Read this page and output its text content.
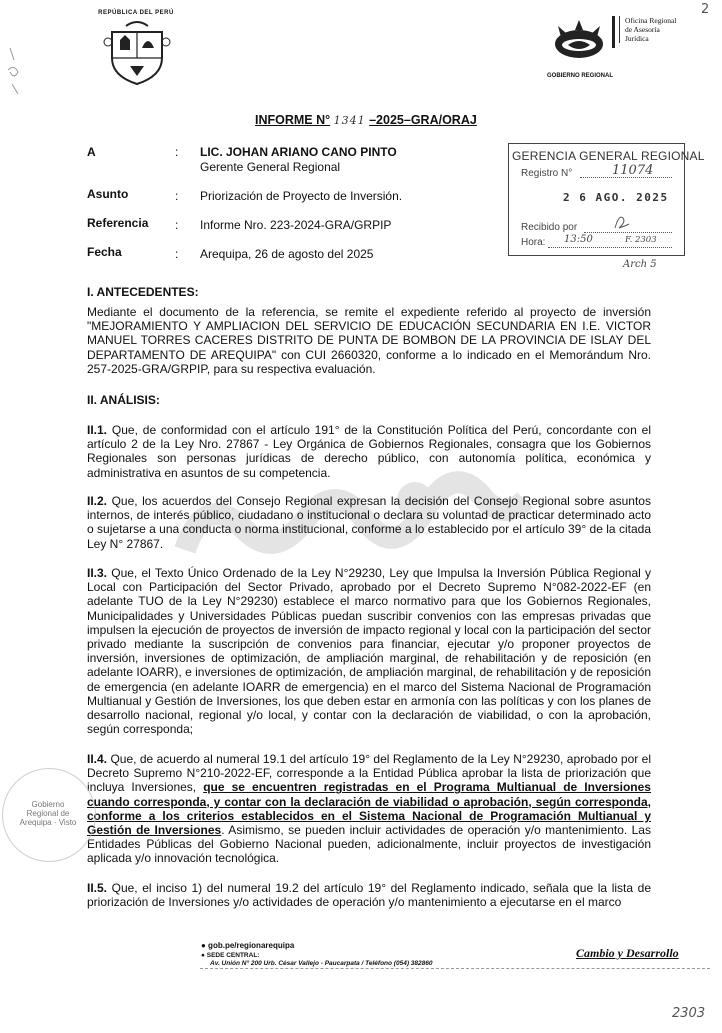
REPÚBLICA DEL PERÚ
GOBIERNO REGIONAL
Oficina Regional
de Asesoría
Jurídica
2
INFORME N° 1341 –2025–GRA/ORAJ
A	: LIC. JOHAN ARIANO CANO PINTO
Gerente General Regional
Asunto	: Priorización de Proyecto de Inversión.
Referencia : Informe Nro. 223-2024-GRA/GRPIP
Fecha	: Arequipa, 26 de agosto del 2025
GERENCIA GENERAL REGIONAL
Registro N°	11074
2 6 AGO. 2025
Recibido por
Hora: 13:50	F. 2303
Arch 5
I. ANTECEDENTES:
Mediante el documento de la referencia, se remite el expediente referido al proyecto de inversión "MEJORAMIENTO Y AMPLIACION DEL SERVICIO DE EDUCACIÓN SECUNDARIA EN I.E. VICTOR MANUEL TORRES CACERES DISTRITO DE PUNTA DE BOMBON DE LA PROVINCIA DE ISLAY DEL DEPARTAMENTO DE AREQUIPA" con CUI 2660320, conforme a lo indicado en el Memorándum Nro. 257-2025-GRA/GRPIP, para su respectiva evaluación.
II. ANÁLISIS:
II.1. Que, de conformidad con el artículo 191° de la Constitución Política del Perú, concordante con el artículo 2 de la Ley Nro. 27867 - Ley Orgánica de Gobiernos Regionales, consagra que los Gobiernos Regionales son personas jurídicas de derecho público, con autonomía política, económica y administrativa en asuntos de su competencia.
II.2. Que, los acuerdos del Consejo Regional expresan la decisión del Consejo Regional sobre asuntos internos, de interés público, ciudadano o institucional o declara su voluntad de practicar determinado acto o sujetarse a una conducta o norma institucional, conforme a lo establecido por el artículo 39° de la citada Ley N° 27867.
II.3. Que, el Texto Único Ordenado de la Ley N°29230, Ley que Impulsa la Inversión Pública Regional y Local con Participación del Sector Privado, aprobado por el Decreto Supremo N°082-2022-EF (en adelante TUO de la Ley N°29230) establece el marco normativo para que los Gobiernos Regionales, Municipalidades y Universidades Públicas puedan suscribir convenios con las empresas privadas que impulsen la ejecución de proyectos de inversión de impacto regional y local con la participación del sector privado mediante la suscripción de convenios para financiar, ejecutar y/o proponer proyectos de inversión, inversiones de optimización, de ampliación marginal, de rehabilitación y de reposición (en adelante IOARR), e inversiones de optimización, de ampliación marginal, de rehabilitación y de reposición de emergencia (en adelante IOARR de emergencia) en el marco del Sistema Nacional de Programación Multianual y Gestión de Inversiones, los que deben estar en armonía con las políticas y con los planes de desarrollo nacional, regional y/o local, y contar con la declaración de viabilidad, o con la aprobación, según corresponda;
II.4. Que, de acuerdo al numeral 19.1 del artículo 19° del Reglamento de la Ley N°29230, aprobado por el Decreto Supremo N°210-2022-EF, corresponde a la Entidad Pública aprobar la lista de priorización que incluya Inversiones, que se encuentren registradas en el Programa Multianual de Inversiones cuando corresponda, y contar con la declaración de viabilidad o aprobación, según corresponda, conforme a los criterios establecidos en el Sistema Nacional de Programación Multianual y Gestión de Inversiones. Asimismo, se pueden incluir actividades de operación y/o mantenimiento. Las Entidades Públicas del Gobierno Nacional pueden, adicionalmente, incluir proyectos de investigación aplicada y/o innovación tecnológica.
II.5. Que, el inciso 1) del numeral 19.2 del artículo 19° del Reglamento indicado, señala que la lista de priorización de Inversiones y/o actividades de operación y/o mantenimiento a ejecutarse en el marco
Gobierno Regional de Arequipa · Visto
● gob.pe/regionarequipa
● SEDE CENTRAL:
Av. Unión N° 200 Urb. César Vallejo - Paucarpata / Teléfono (054) 382860
Cambio y Desarrollo
2303
